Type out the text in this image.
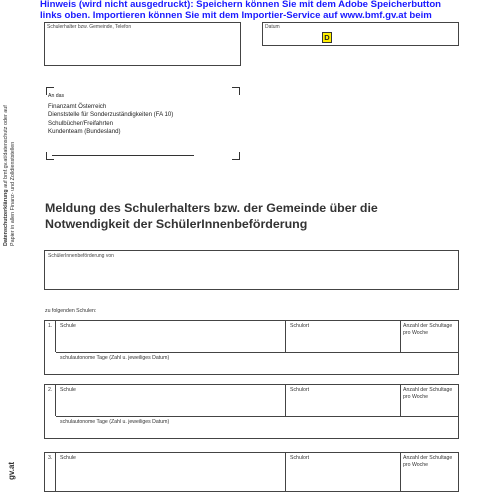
Hinweis (wird nicht ausgedruckt): Speichern können Sie mit dem Adobe Speicherbutton links oben. Importieren können Sie mit dem Importier-Service auf www.bmf.gv.at beim
Schulerhalter bzw. Gemeinde, Telefon	Datum
D
An das
Finanzamt Österreich
Dienststelle für Sonderzuständigkeiten (FA 10)
Schulbücher/Freifahrten
Kundenteam (Bundesland)
Datenschutzerklärung auf bmf.gv.at/datenschutz oder auf Papier in allen Finanz- und Zolldienststellen Meldung des Schulerhalters bzw. der Gemeinde über die Notwendigkeit der SchülerInnenbeförderung
SchülerInnenbeförderung von
zu folgenden Schulen:
1. Schule	Schulort	Anzahl der Schultage pro Woche
schulautonome Tage (Zahl u. jeweiliges Datum)
2. Schule	Schulort	Anzahl der Schultage pro Woche
schulautonome Tage (Zahl u. jeweiliges Datum)
3. Schule	Schulort	Anzahl der Schultage pro Woche
gv.at
